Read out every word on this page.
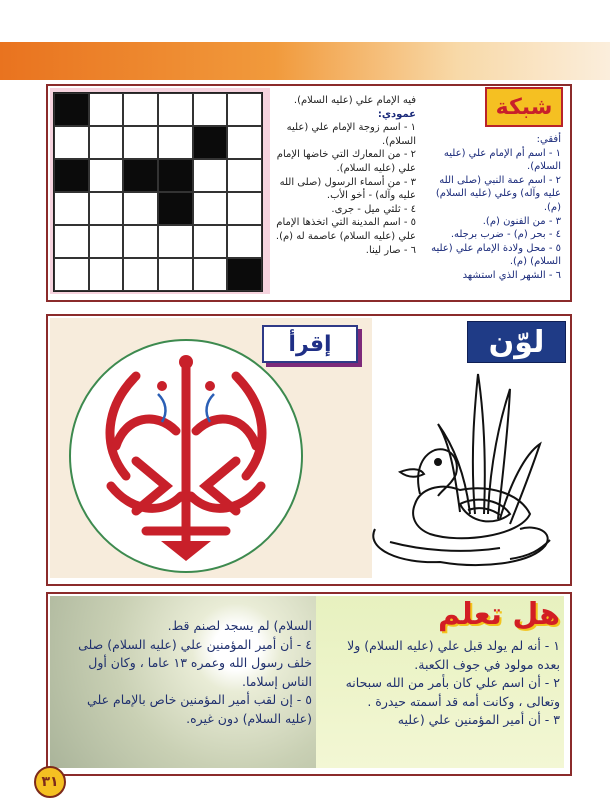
فيه الإمام علي (عليه السلام).
عمودي:
١ - اسم زوجة الإمام علي (عليه السلام).
٢ - من المعارك التي خاضها الإمام علي (عليه السلام).
٣ - من أسماء الرسول (صلى الله عليه وآله) - أخو الأب.
٤ - ثلثي ميل - جرى.
٥ - اسم المدينة التي اتخذها الإمام علي (عليه السلام) عاصمة له (م).
٦ - صار لينا.
أفقي:
١ - اسم أم الإمام علي (عليه السلام).
٢ - اسم عمة النبي (صلى الله عليه وآله) وعلي (عليه السلام) (م).
٣ - من الفنون (م).
٤ - بحر (م) - ضرب برجله.
٥ - محل ولادة الإمام علي (عليه السلام) (م).
٦ - الشهر الذي استشهد
شبكة
إقرأ	لوّن
هل تعلم
١ - أنه لم يولد قبل علي (عليه السلام) ولا بعده مولود في جوف الكعبة.
٢ - أن اسم علي كان بأمر من الله سبحانه وتعالى ، وكانت أمه قد أسمته حيدرة .
٣ - أن أمير المؤمنين علي (عليه
السلام) لم يسجد لصنم قط.
٤ - أن أمير المؤمنين علي (عليه السلام) صلى خلف رسول الله وعمره ١٣ عاما ، وكان أول الناس إسلاما.
٥ - إن لقب أمير المؤمنين خاص بالإمام علي (عليه السلام) دون غيره.
٣١
